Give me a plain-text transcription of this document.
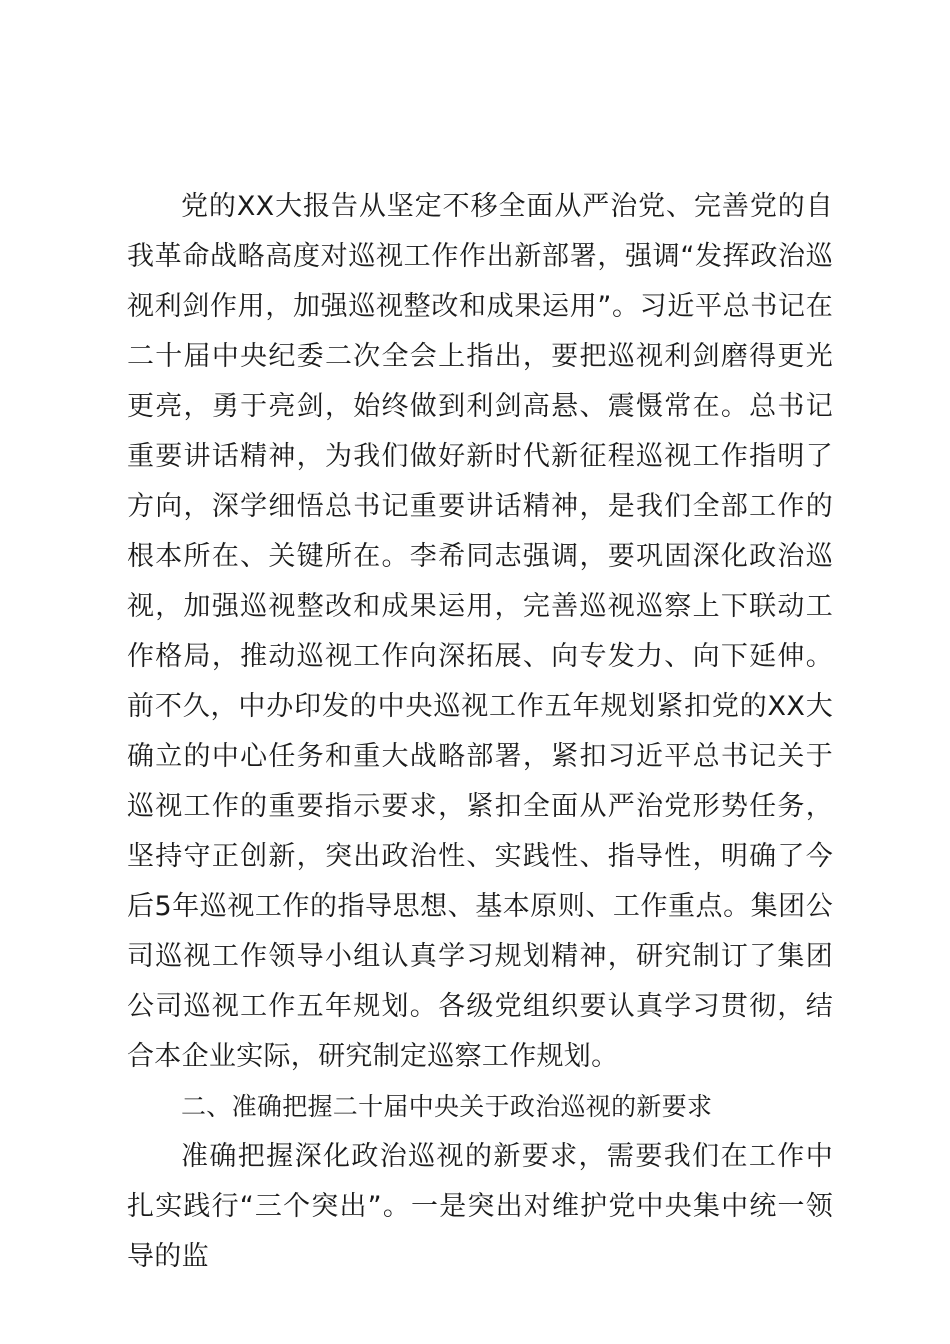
党的XX大报告从坚定不移全面从严治党、完善党的自我革命战略高度对巡视工作作出新部署，强调“发挥政治巡视利剑作用，加强巡视整改和成果运用”。习近平总书记在二十届中央纪委二次全会上指出，要把巡视利剑磨得更光更亮，勇于亮剑，始终做到利剑高悬、震慑常在。总书记重要讲话精神，为我们做好新时代新征程巡视工作指明了方向，深学细悟总书记重要讲话精神，是我们全部工作的根本所在、关键所在。李希同志强调，要巩固深化政治巡视，加强巡视整改和成果运用，完善巡视巡察上下联动工作格局，推动巡视工作向深拓展、向专发力、向下延伸。前不久，中办印发的中央巡视工作五年规划紧扣党的XX大确立的中心任务和重大战略部署，紧扣习近平总书记关于巡视工作的重要指示要求，紧扣全面从严治党形势任务，坚持守正创新，突出政治性、实践性、指导性，明确了今后5年巡视工作的指导思想、基本原则、工作重点。集团公司巡视工作领导小组认真学习规划精神，研究制订了集团公司巡视工作五年规划。各级党组织要认真学习贯彻，结合本企业实际，研究制定巡察工作规划。

二、准确把握二十届中央关于政治巡视的新要求

准确把握深化政治巡视的新要求，需要我们在工作中扎实践行“三个突出”。一是突出对维护党中央集中统一领导的监
